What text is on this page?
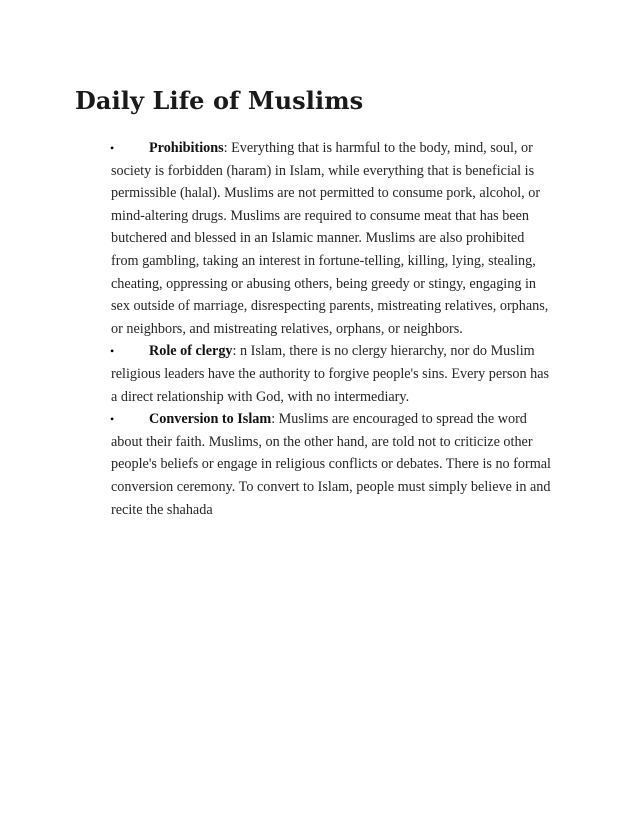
Daily Life of Muslims
• Prohibitions: Everything that is harmful to the body, mind, soul, or society is forbidden (haram) in Islam, while everything that is beneficial is permissible (halal). Muslims are not permitted to consume pork, alcohol, or mind-altering drugs. Muslims are required to consume meat that has been butchered and blessed in an Islamic manner. Muslims are also prohibited from gambling, taking an interest in fortune-telling, killing, lying, stealing, cheating, oppressing or abusing others, being greedy or stingy, engaging in sex outside of marriage, disrespecting parents, mistreating relatives, orphans, or neighbors, and mistreating relatives, orphans, or neighbors.
• Role of clergy: n Islam, there is no clergy hierarchy, nor do Muslim religious leaders have the authority to forgive people's sins. Every person has a direct relationship with God, with no intermediary.
• Conversion to Islam: Muslims are encouraged to spread the word about their faith. Muslims, on the other hand, are told not to criticize other people's beliefs or engage in religious conflicts or debates. There is no formal conversion ceremony. To convert to Islam, people must simply believe in and recite the shahada
